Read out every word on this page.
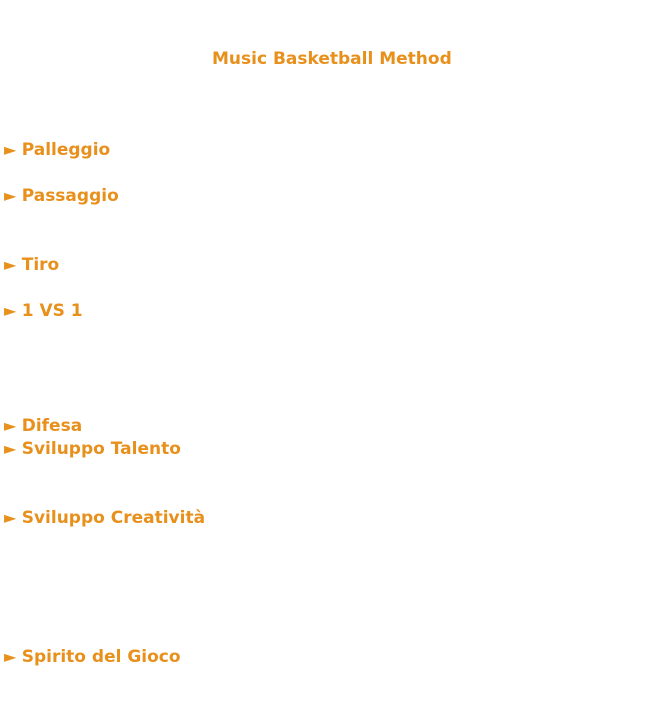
Music Basketball Method

► Palleggio
► Passaggio
► Tiro
► 1 VS 1
► Difesa
► Sviluppo Talento
► Sviluppo Creatività
► Spirito del Gioco
